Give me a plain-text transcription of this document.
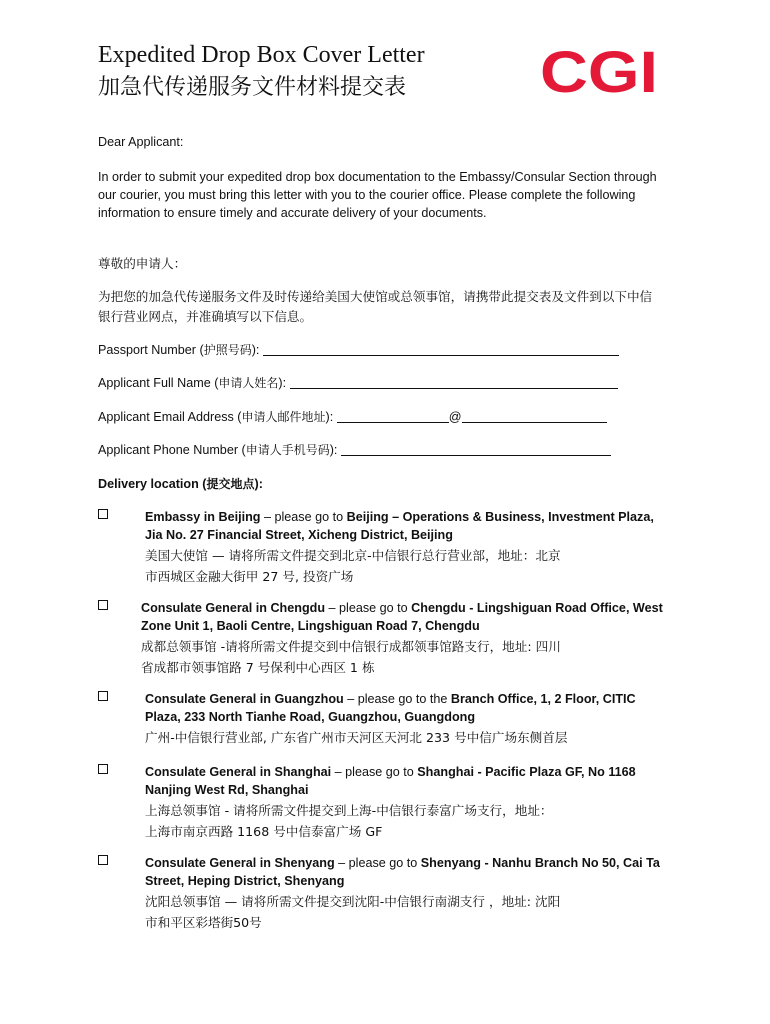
Expedited Drop Box Cover Letter
加急代传递服务文件材料提交表 CGI
Dear Applicant:
In order to submit your expedited drop box documentation to the Embassy/Consular Section through our courier, you must bring this letter with you to the courier office. Please complete the following information to ensure timely and accurate delivery of your documents.
尊敬的申请人：
为把您的加急代传递服务文件及时传递给美国大使馆或总领事馆，请携带此提交表及文件到以下中信银行营业网点，并准确填写以下信息。
Passport Number (护照号码):
Applicant Full Name (申请人姓名):
Applicant Email Address (申请人邮件地址):	@
Applicant Phone Number (申请人手机号码):
Delivery location (提交地点):
Embassy in Beijing – please go to Beijing – Operations & Business, Investment Plaza, Jia No. 27 Financial Street, Xicheng District, Beijing
美国大使馆 — 请将所需文件提交到北京-中信银行总行营业部，地址：北京
市西城区金融大街甲 27 号, 投资广场
Consulate General in Chengdu – please go to Chengdu - Lingshiguan Road Office, West Zone Unit 1, Baoli Centre, Lingshiguan Road 7, Chengdu
成都总领事馆 -请将所需文件提交到中信银行成都领事馆路支行，地址: 四川
省成都市领事馆路 7 号保利中心西区 1 栋
Consulate General in Guangzhou – please go to the Branch Office, 1, 2 Floor, CITIC Plaza, 233 North Tianhe Road, Guangzhou, Guangdong
广州-中信银行营业部, 广东省广州市天河区天河北 233 号中信广场东侧首层
Consulate General in Shanghai – please go to Shanghai - Pacific Plaza GF, No 1168 Nanjing West Rd, Shanghai
上海总领事馆 - 请将所需文件提交到上海-中信银行泰富广场支行，地址：
上海市南京西路 1168 号中信泰富广场 GF
Consulate General in Shenyang – please go to Shenyang - Nanhu Branch No 50, Cai Ta Street, Heping District, Shenyang
沈阳总领事馆 — 请将所需文件提交到沈阳-中信银行南湖支行 ，地址: 沈阳
市和平区彩塔街50号
